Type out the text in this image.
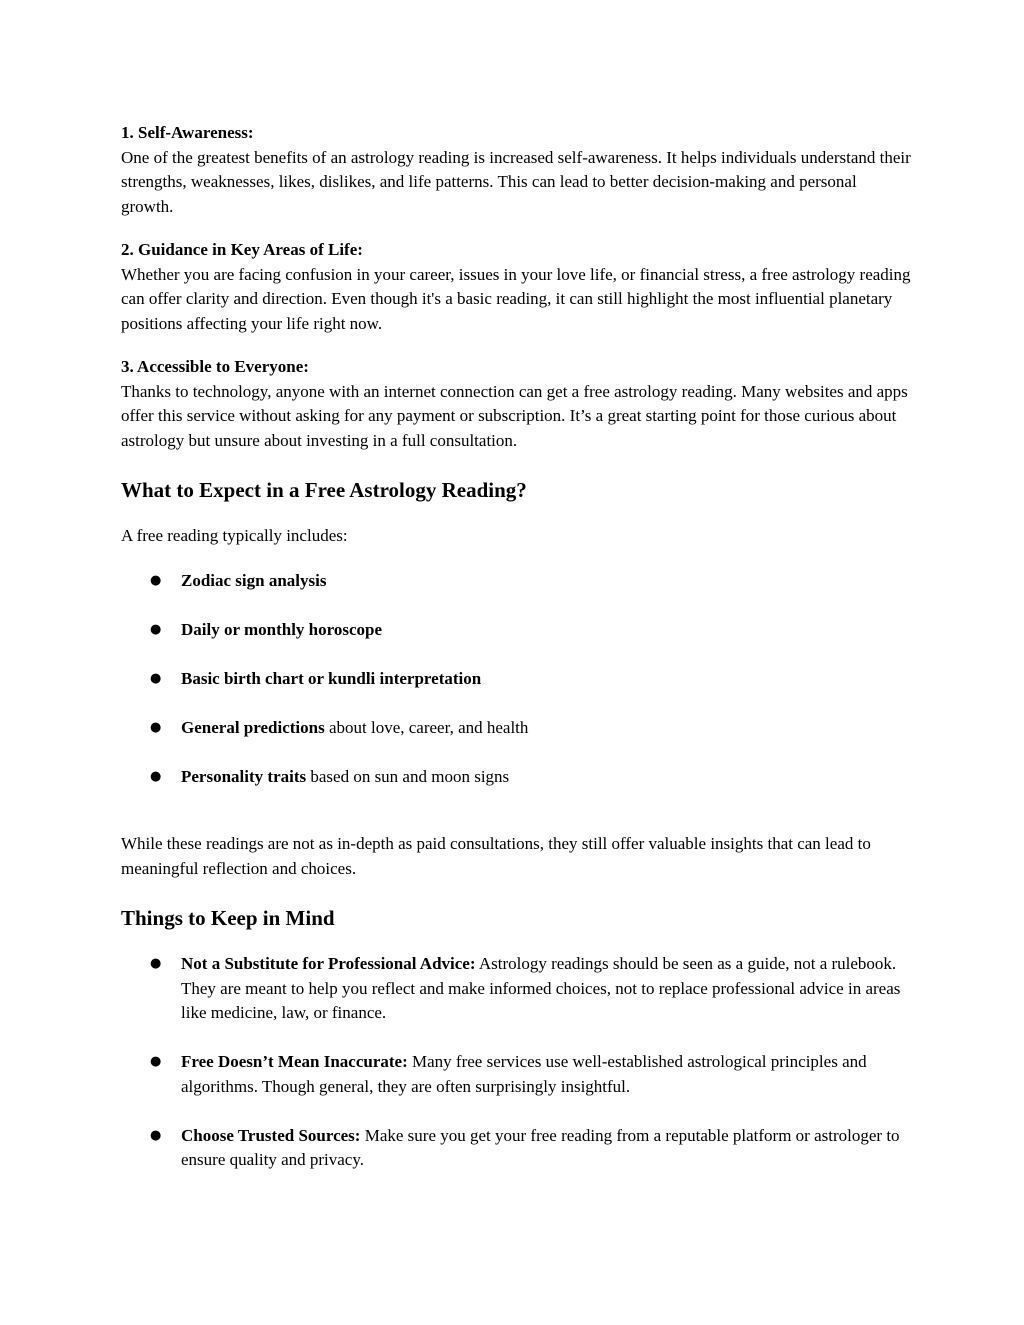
1. Self-Awareness:

One of the greatest benefits of an astrology reading is increased self-awareness. It helps individuals understand their strengths, weaknesses, likes, dislikes, and life patterns. This can lead to better decision-making and personal growth.

2. Guidance in Key Areas of Life:

Whether you are facing confusion in your career, issues in your love life, or financial stress, a free astrology reading can offer clarity and direction. Even though it's a basic reading, it can still highlight the most influential planetary positions affecting your life right now.

3. Accessible to Everyone:

Thanks to technology, anyone with an internet connection can get a free astrology reading. Many websites and apps offer this service without asking for any payment or subscription. It’s a great starting point for those curious about astrology but unsure about investing in a full consultation.

What to Expect in a Free Astrology Reading?

A free reading typically includes:

● Zodiac sign analysis
● Daily or monthly horoscope
● Basic birth chart or kundli interpretation
● General predictions about love, career, and health
● Personality traits based on sun and moon signs

While these readings are not as in-depth as paid consultations, they still offer valuable insights that can lead to meaningful reflection and choices.

Things to Keep in Mind
● Not a Substitute for Professional Advice: Astrology readings should be seen as a guide, not a rulebook. They are meant to help you reflect and make informed choices, not to replace professional advice in areas like medicine, law, or finance.
● Free Doesn’t Mean Inaccurate: Many free services use well-established astrological principles and algorithms. Though general, they are often surprisingly insightful.
● Choose Trusted Sources: Make sure you get your free reading from a reputable platform or astrologer to ensure quality and privacy.
